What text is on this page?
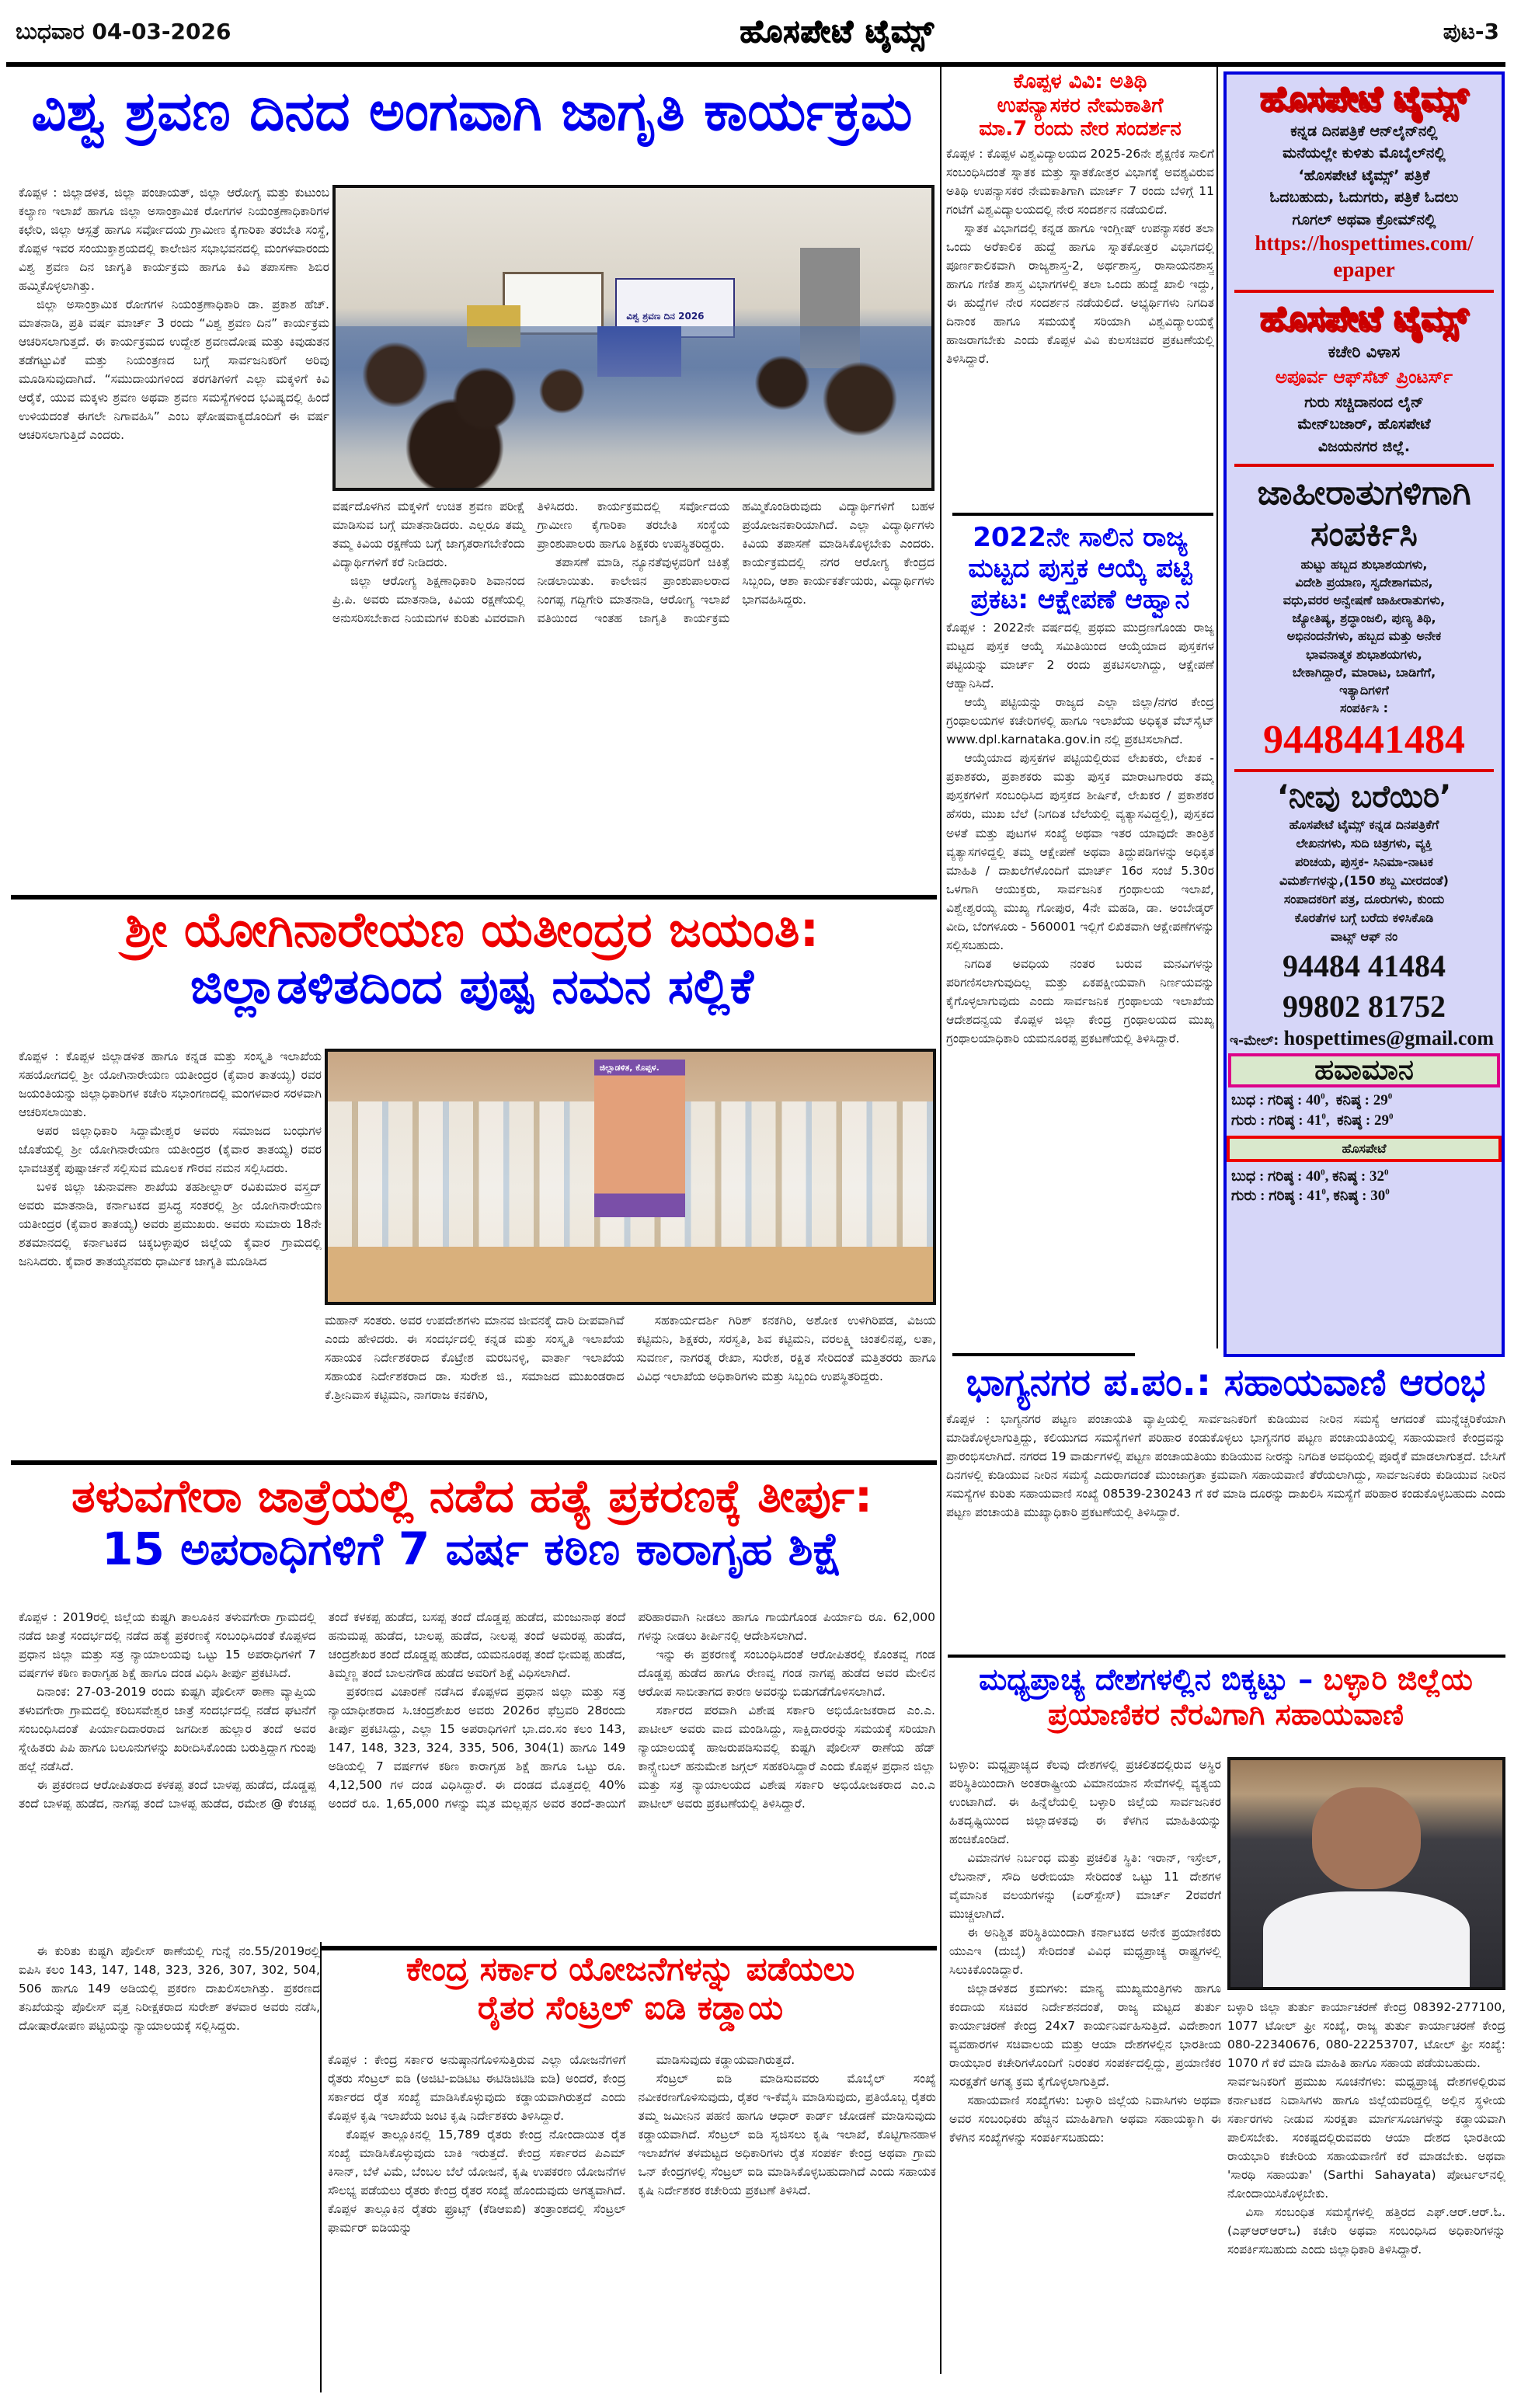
ಬುಧವಾರ 04-03-2026	ಹೊಸಪೇಟೆ ಟೈಮ್ಸ್	ಪುಟ-3
ವಿಶ್ವ ಶ್ರವಣ ದಿನದ ಅಂಗವಾಗಿ ಜಾಗೃತಿ ಕಾರ್ಯಕ್ರಮ

ಕೊಪ್ಪಳ : ಜಿಲ್ಲಾಡಳಿತ, ಜಿಲ್ಲಾ ಪಂಚಾಯತ್, ಜಿಲ್ಲಾ ಆರೋಗ್ಯ ಮತ್ತು ಕುಟುಂಬ ಕಲ್ಯಾಣ ಇಲಾಖೆ ಹಾಗೂ ಜಿಲ್ಲಾ ಅಸಾಂಕ್ರಾಮಿಕ ರೋಗಗಳ ನಿಯಂತ್ರಣಾಧಿಕಾರಿಗಳ ಕಛೇರಿ, ಜಿಲ್ಲಾ ಆಸ್ಪತ್ರೆ ಹಾಗೂ ಸರ್ವೋದಯ ಗ್ರಾಮೀಣ ಕೈಗಾರಿಕಾ ತರಬೇತಿ ಸಂಸ್ಥೆ, ಕೊಪ್ಪಳ ಇವರ ಸಂಯುಕ್ತಾಶ್ರಯದಲ್ಲಿ ಕಾಲೇಜಿನ ಸಭಾಭವನದಲ್ಲಿ ಮಂಗಳವಾರಂದು ವಿಶ್ವ ಶ್ರವಣ ದಿನ ಜಾಗೃತಿ ಕಾರ್ಯಕ್ರಮ ಹಾಗೂ ಕಿವಿ ತಪಾಸಣಾ ಶಿಬಿರ ಹಮ್ಮಿಕೊಳ್ಳಲಾಗಿತ್ತು.

ಜಿಲ್ಲಾ ಅಸಾಂಕ್ರಾಮಿಕ ರೋಗಗಳ ನಿಯಂತ್ರಣಾಧಿಕಾರಿ ಡಾ. ಪ್ರಕಾಶ ಹೆಚ್. ಮಾತನಾಡಿ, ಪ್ರತಿ ವರ್ಷ ಮಾರ್ಚ್ 3 ರಂದು “ವಿಶ್ವ ಶ್ರವಣ ದಿನ” ಕಾರ್ಯಕ್ರಮ ಆಚರಿಸಲಾಗುತ್ತದೆ. ಈ ಕಾರ್ಯಕ್ರಮದ ಉದ್ದೇಶ ಶ್ರವಣದೋಷ ಮತ್ತು ಕಿವುಡುತನ ತಡೆಗಟ್ಟುವಿಕೆ ಮತ್ತು ನಿಯಂತ್ರಣದ ಬಗ್ಗೆ ಸಾರ್ವಜನಿಕರಿಗೆ ಅರಿವು ಮೂಡಿಸುವುದಾಗಿದೆ. “ಸಮುದಾಯಗಳಿಂದ ತರಗತಿಗಳಿಗೆ ಎಲ್ಲಾ ಮಕ್ಕಳಿಗೆ ಕಿವಿ ಆರೈಕೆ, ಯುವ ಮಕ್ಕಳು ಶ್ರವಣ ಅಥವಾ ಶ್ರವಣ ಸಮಸ್ಯೆಗಳಿಂದ ಭವಿಷ್ಯದಲ್ಲಿ ಹಿಂದೆ ಉಳಿಯದಂತೆ ಈಗಲೇ ನಿಗಾವಹಿಸಿ” ಎಂಬ ಘೋಷವಾಕ್ಯದೊಂದಿಗೆ ಈ ವರ್ಷ ಆಚರಿಸಲಾಗುತ್ತಿದೆ ಎಂದರು.

ವಿಶ್ವ ಶ್ರವಣ ದಿನ 2026

ವರ್ಷದೊಳಗಿನ ಮಕ್ಕಳಿಗೆ ಉಚಿತ ಶ್ರವಣ ಪರೀಕ್ಷೆ ಮಾಡಿಸುವ ಬಗ್ಗೆ ಮಾತನಾಡಿದರು. ಎಲ್ಲರೂ ತಮ್ಮ ತಮ್ಮ ಕಿವಿಯ ರಕ್ಷಣೆಯ ಬಗ್ಗೆ ಜಾಗೃತರಾಗಬೇಕೆಂದು ವಿದ್ಯಾರ್ಥಿಗಳಿಗೆ ಕರೆ ನೀಡಿದರು.

ಜಿಲ್ಲಾ ಆರೋಗ್ಯ ಶಿಕ್ಷಣಾಧಿಕಾರಿ ಶಿವಾನಂದ ಪ್ರಿ.ಪಿ. ಅವರು ಮಾತನಾಡಿ, ಕಿವಿಯ ರಕ್ಷಣೆಯಲ್ಲಿ ಅನುಸರಿಸಬೇಕಾದ ನಿಯಮಗಳ ಕುರಿತು ವಿವರವಾಗಿ ತಿಳಿಸಿದರು. ಕಾರ್ಯಕ್ರಮದಲ್ಲಿ ಸರ್ವೋದಯ ಗ್ರಾಮೀಣ ಕೈಗಾರಿಕಾ ತರಬೇತಿ ಸಂಸ್ಥೆಯ ಪ್ರಾಂಶುಪಾಲರು ಹಾಗೂ ಶಿಕ್ಷಕರು ಉಪಸ್ಥಿತರಿದ್ದರು.

ತಪಾಸಣೆ ಮಾಡಿ, ನ್ಯೂನತೆವುಳ್ಳವರಿಗೆ ಚಿಕಿತ್ಸೆ ನೀಡಲಾಯಿತು. ಕಾಲೇಜಿನ ಪ್ರಾಂಶುಪಾಲರಾದ ನಿಂಗಪ್ಪ ಗದ್ದಿಗೇರಿ ಮಾತನಾಡಿ, ಆರೋಗ್ಯ ಇಲಾಖೆ ವತಿಯಿಂದ ಇಂತಹ ಜಾಗೃತಿ ಕಾರ್ಯಕ್ರಮ ಹಮ್ಮಿಕೊಂಡಿರುವುದು ವಿದ್ಯಾರ್ಥಿಗಳಿಗೆ ಬಹಳ ಪ್ರಯೋಜನಕಾರಿಯಾಗಿದೆ. ಎಲ್ಲಾ ವಿದ್ಯಾರ್ಥಿಗಳು ಕಿವಿಯ ತಪಾಸಣೆ ಮಾಡಿಸಿಕೊಳ್ಳಬೇಕು ಎಂದರು. ಕಾರ್ಯಕ್ರಮದಲ್ಲಿ ನಗರ ಆರೋಗ್ಯ ಕೇಂದ್ರದ ಸಿಬ್ಬಂದಿ, ಆಶಾ ಕಾರ್ಯಕರ್ತೆಯರು, ವಿದ್ಯಾರ್ಥಿಗಳು ಭಾಗವಹಿಸಿದ್ದರು.

ಶ್ರೀ ಯೋಗಿನಾರೇಯಣ ಯತೀಂದ್ರರ ಜಯಂತಿ:
ಜಿಲ್ಲಾಡಳಿತದಿಂದ ಪುಷ್ಪ ನಮನ ಸಲ್ಲಿಕೆ

ಕೊಪ್ಪಳ : ಕೊಪ್ಪಳ ಜಿಲ್ಲಾಡಳಿತ ಹಾಗೂ ಕನ್ನಡ ಮತ್ತು ಸಂಸ್ಕೃತಿ ಇಲಾಖೆಯ ಸಹಯೋಗದಲ್ಲಿ ಶ್ರೀ ಯೋಗಿನಾರೇಯಣ ಯತೀಂದ್ರರ (ಕೈವಾರ ತಾತಯ್ಯ) ರವರ ಜಯಂತಿಯನ್ನು ಜಿಲ್ಲಾಧಿಕಾರಿಗಳ ಕಚೇರಿ ಸಭಾಂಗಣದಲ್ಲಿ ಮಂಗಳವಾರ ಸರಳವಾಗಿ ಆಚರಿಸಲಾಯಿತು.

ಅಪರ ಜಿಲ್ಲಾಧಿಕಾರಿ ಸಿದ್ದಾಮೇಶ್ವರ ಅವರು ಸಮಾಜದ ಬಂಧುಗಳ ಜೊತೆಯಲ್ಲಿ ಶ್ರೀ ಯೋಗಿನಾರೇಯಣ ಯತೀಂದ್ರರ (ಕೈವಾರ ತಾತಯ್ಯ) ರವರ ಭಾವಚಿತ್ರಕ್ಕೆ ಪುಷ್ಪಾರ್ಚನೆ ಸಲ್ಲಿಸುವ ಮೂಲಕ ಗೌರವ ನಮನ ಸಲ್ಲಿಸಿದರು.

ಬಳಿಕ ಜಿಲ್ಲಾ ಚುನಾವಣಾ ಶಾಖೆಯ ತಹಶೀಲ್ದಾರ್ ರವಿಕುಮಾರ ವಸ್ತ್ರದ್ ಅವರು ಮಾತನಾಡಿ, ಕರ್ನಾಟಕದ ಪ್ರಸಿದ್ಧ ಸಂತರಲ್ಲಿ ಶ್ರೀ ಯೋಗಿನಾರೇಯಣ ಯತೀಂದ್ರರ (ಕೈವಾರ ತಾತಯ್ಯ) ಅವರು ಪ್ರಮುಖರು. ಅವರು ಸುಮಾರು 18ನೇ ಶತಮಾನದಲ್ಲಿ ಕರ್ನಾಟಕದ ಚಿಕ್ಕಬಳ್ಳಾಪುರ ಜಿಲ್ಲೆಯ ಕೈವಾರ ಗ್ರಾಮದಲ್ಲಿ ಜನಿಸಿದರು. ಕೈವಾರ ತಾತಯ್ಯನವರು ಧಾರ್ಮಿಕ ಜಾಗೃತಿ ಮೂಡಿಸಿದ

ಜಿಲ್ಲಾಡಳಿತ, ಕೊಪ್ಪಳ.

ಮಹಾನ್ ಸಂತರು. ಅವರ ಉಪದೇಶಗಳು ಮಾನವ ಜೀವನಕ್ಕೆ ದಾರಿ ದೀಪವಾಗಿವೆ ಎಂದು ಹೇಳಿದರು. ಈ ಸಂದರ್ಭದಲ್ಲಿ ಕನ್ನಡ ಮತ್ತು ಸಂಸ್ಕೃತಿ ಇಲಾಖೆಯ ಸಹಾಯಕ ನಿರ್ದೇಶಕರಾದ ಕೊಟ್ರೇಶ ಮರಬನಳ್ಳಿ, ವಾರ್ತಾ ಇಲಾಖೆಯ ಸಹಾಯಕ ನಿರ್ದೇಶಕರಾದ ಡಾ. ಸುರೇಶ ಜಿ., ಸಮಾಜದ ಮುಖಂಡರಾದ ಕೆ.ಶ್ರೀನಿವಾಸ ಕಟ್ಟಿಮನಿ, ನಾಗರಾಜ ಕನಕಗಿರಿ,

ಸಹಕಾರ್ಯದರ್ಶಿ ಗಿರಿಶ್ ಕನಕಗಿರಿ, ಅಶೋಕ ಉಳಿಗಿರಿಪಡ, ವಿಜಯ ಕಟ್ಟಿಮನಿ, ಶಿಕ್ಷಕರು, ಸರಸ್ವತಿ, ಶಿವ ಕಟ್ಟಿಮನಿ, ವರಲಕ್ಷ್ಮಿ ಚಿಂತಲಿನಪ್ಪ, ಲತಾ, ಸುವರ್ಣ, ನಾಗರತ್ನ ರೇಖಾ, ಸುರೇಶ, ರಕ್ಷಿತ ಸೇರಿದಂತೆ ಮತ್ತಿತರರು ಹಾಗೂ ವಿವಿಧ ಇಲಾಖೆಯ ಅಧಿಕಾರಿಗಳು ಮತ್ತು ಸಿಬ್ಬಂದಿ ಉಪಸ್ಥಿತರಿದ್ದರು.

ತಳುವಗೇರಾ ಜಾತ್ರೆಯಲ್ಲಿ ನಡೆದ ಹತ್ಯೆ ಪ್ರಕರಣಕ್ಕೆ ತೀರ್ಪು:
15 ಅಪರಾಧಿಗಳಿಗೆ 7 ವರ್ಷ ಕಠಿಣ ಕಾರಾಗೃಹ ಶಿಕ್ಷೆ

ಕೊಪ್ಪಳ : 2019ರಲ್ಲಿ ಜಿಲ್ಲೆಯ ಕುಷ್ಟಗಿ ತಾಲೂಕಿನ ತಳುವಗೇರಾ ಗ್ರಾಮದಲ್ಲಿ ನಡೆದ ಜಾತ್ರೆ ಸಂದರ್ಭದಲ್ಲಿ ನಡೆದ ಹತ್ಯೆ ಪ್ರಕರಣಕ್ಕೆ ಸಂಬಂಧಿಸಿದಂತೆ ಕೊಪ್ಪಳದ ಪ್ರಧಾನ ಜಿಲ್ಲಾ ಮತ್ತು ಸತ್ರ ನ್ಯಾಯಾಲಯವು ಒಟ್ಟು 15 ಅಪರಾಧಿಗಳಿಗೆ 7 ವರ್ಷಗಳ ಕಠಿಣ ಕಾರಾಗೃಹ ಶಿಕ್ಷೆ ಹಾಗೂ ದಂಡ ವಿಧಿಸಿ ತೀರ್ಪು ಪ್ರಕಟಿಸಿದೆ.

ದಿನಾಂಕ: 27-03-2019 ರಂದು ಕುಷ್ಟಗಿ ಪೊಲೀಸ್ ಠಾಣಾ ವ್ಯಾಪ್ತಿಯ ತಳುವಗೇರಾ ಗ್ರಾಮದಲ್ಲಿ ಕರಿಬಸವೇಶ್ವರ ಜಾತ್ರೆ ಸಂದರ್ಭದಲ್ಲಿ ನಡೆದ ಘಟನೆಗೆ ಸಂಬಂಧಿಸಿದಂತೆ ಪಿರ್ಯಾದಿದಾರರಾದ ಜಗದೀಶ ಹುಲ್ಲಾರ ತಂದೆ ಅವರ ಸ್ನೇಹಿತರು ಪಿಪಿ ಹಾಗೂ ಬಲೂನುಗಳನ್ನು ಖರೀದಿಸಿಕೊಂಡು ಬರುತ್ತಿದ್ದಾಗ ಗುಂಪು ಹಲ್ಲೆ ನಡೆಸಿದೆ.

ಈ ಪ್ರಕರಣದ ಆರೋಪಿತರಾದ ಕಳಕಪ್ಪ ತಂದೆ ಬಾಳಪ್ಪ ಹುಡೆದ, ದೊಡ್ಡಪ್ಪ ತಂದೆ ಬಾಳಪ್ಪ ಹುಡೆದ, ನಾಗಪ್ಪ ತಂದೆ ಬಾಳಪ್ಪ ಹುಡೆದ, ರಮೇಶ @ ಕೆಂಚಪ್ಪ ತಂದೆ ಕಳಕಪ್ಪ ಹುಡೆದ, ಬಸಪ್ಪ ತಂದೆ ದೊಡ್ಡಪ್ಪ ಹುಡೆದ, ಮಂಜುನಾಥ ತಂದೆ ಹನುಮಪ್ಪ ಹುಡೆದ, ಬಾಲಪ್ಪ ಹುಡೆದ, ನೀಲಪ್ಪ ತಂದೆ ಅಮರಪ್ಪ ಹುಡೆದ, ಚಂದ್ರಶೇಖರ ತಂದೆ ದೊಡ್ಡಪ್ಪ ಹುಡೆದ, ಯಮನೂರಪ್ಪ ತಂದೆ ಭೀಮಪ್ಪ ಹುಡೆದ, ತಿಮ್ಮಣ್ಣ ತಂದೆ ಬಾಲನಗೌಡ ಹುಡೆದ ಅವರಿಗೆ ಶಿಕ್ಷೆ ವಿಧಿಸಲಾಗಿದೆ.

ಪ್ರಕರಣದ ವಿಚಾರಣೆ ನಡೆಸಿದ ಕೊಪ್ಪಳದ ಪ್ರಧಾನ ಜಿಲ್ಲಾ ಮತ್ತು ಸತ್ರ ನ್ಯಾಯಾಧೀಶರಾದ ಸಿ.ಚಂದ್ರಶೇಖರ ಅವರು 2026ರ ಫೆಬ್ರವರಿ 28ರಂದು ತೀರ್ಪು ಪ್ರಕಟಿಸಿದ್ದು, ಎಲ್ಲಾ 15 ಅಪರಾಧಿಗಳಿಗೆ ಭಾ.ದಂ.ಸಂ ಕಲಂ 143, 147, 148, 323, 324, 335, 506, 304(1) ಹಾಗೂ 149 ಅಡಿಯಲ್ಲಿ 7 ವರ್ಷಗಳ ಕಠಿಣ ಕಾರಾಗೃಹ ಶಿಕ್ಷೆ ಹಾಗೂ ಒಟ್ಟು ರೂ. 4,12,500 ಗಳ ದಂಡ ವಿಧಿಸಿದ್ದಾರೆ. ಈ ದಂಡದ ಮೊತ್ತದಲ್ಲಿ 40% ಅಂದರೆ ರೂ. 1,65,000 ಗಳನ್ನು ಮೃತ ಮಲ್ಲಪ್ಪನ ಅವರ ತಂದೆ-ತಾಯಿಗೆ ಪರಿಹಾರವಾಗಿ ನೀಡಲು ಹಾಗೂ ಗಾಯಗೊಂಡ ಪಿರ್ಯಾದಿ ರೂ. 62,000 ಗಳನ್ನು ನೀಡಲು ತೀರ್ಪಿನಲ್ಲಿ ಆದೇಶಿಸಲಾಗಿದೆ.

ಇನ್ನು ಈ ಪ್ರಕರಣಕ್ಕೆ ಸಂಬಂಧಿಸಿದಂತೆ ಆರೋಪಿತರಲ್ಲಿ ಕೊಂತವ್ವ ಗಂಡ ದೊಡ್ಡಪ್ಪ ಹುಡೆದ ಹಾಗೂ ರೇಣವ್ವ ಗಂಡ ನಾಗಪ್ಪ ಹುಡೆದ ಅವರ ಮೇಲಿನ ಆರೋಪ ಸಾಬೀತಾಗದ ಕಾರಣ ಅವರನ್ನು ಬಿಡುಗಡೆಗೊಳಿಸಲಾಗಿದೆ.

ಸರ್ಕಾರದ ಪರವಾಗಿ ವಿಶೇಷ ಸರ್ಕಾರಿ ಅಭಿಯೋಜಕರಾದ ಎಂ.ಎ. ಪಾಟೀಲ್ ಅವರು ವಾದ ಮಂಡಿಸಿದ್ದು, ಸಾಕ್ಷಿದಾರರನ್ನು ಸಮಯಕ್ಕೆ ಸರಿಯಾಗಿ ನ್ಯಾಯಾಲಯಕ್ಕೆ ಹಾಜರುಪಡಿಸುವಲ್ಲಿ ಕುಷ್ಟಗಿ ಪೊಲೀಸ್ ಠಾಣೆಯ ಹೆಡ್ ಕಾನ್ಸ್ಟೇಬಲ್ ಹನುಮೇಶ ಜಗ್ಗಲ್ ಸಹಕರಿಸಿದ್ದಾರೆ ಎಂದು ಕೊಪ್ಪಳ ಪ್ರಧಾನ ಜಿಲ್ಲಾ ಮತ್ತು ಸತ್ರ ನ್ಯಾಯಾಲಯದ ವಿಶೇಷ ಸರ್ಕಾರಿ ಅಭಿಯೋಜಕರಾದ ಎಂ.ಎ ಪಾಟೀಲ್ ಅವರು ಪ್ರಕಟಣೆಯಲ್ಲಿ ತಿಳಿಸಿದ್ದಾರೆ.

ಈ ಕುರಿತು ಕುಷ್ಟಗಿ ಪೊಲೀಸ್ ಠಾಣೆಯಲ್ಲಿ ಗುನ್ನೆ ನಂ.55/2019ರಲ್ಲಿ ಐಪಿಸಿ ಕಲಂ 143, 147, 148, 323, 326, 307, 302, 504, 506 ಹಾಗೂ 149 ಅಡಿಯಲ್ಲಿ ಪ್ರಕರಣ ದಾಖಲಿಸಲಾಗಿತ್ತು. ಪ್ರಕರಣದ ತನಿಖೆಯನ್ನು ಪೊಲೀಸ್ ವೃತ್ತ ನಿರೀಕ್ಷಕರಾದ ಸುರೇಶ್ ತಳವಾರ ಅವರು ನಡೆಸಿ, ದೋಷಾರೋಪಣ ಪಟ್ಟಿಯನ್ನು ನ್ಯಾಯಾಲಯಕ್ಕೆ ಸಲ್ಲಿಸಿದ್ದರು.

ಕೇಂದ್ರ ಸರ್ಕಾರ ಯೋಜನೆಗಳನ್ನು ಪಡೆಯಲು
ರೈತರ ಸೆಂಟ್ರಲ್ ಐಡಿ ಕಡ್ಡಾಯ

ಕೊಪ್ಪಳ : ಕೇಂದ್ರ ಸರ್ಕಾರ ಅನುಷ್ಠಾನಗೊಳಿಸುತ್ತಿರುವ ಎಲ್ಲಾ ಯೋಜನೆಗಳಿಗೆ ರೈತರು ಸೆಂಟ್ರಲ್ ಐಡಿ (ಅಜಿಟಿ-ಐಡಿಟಿಟ ಈಟಿಡಿಜಿಟಿಡಿ ಐಡಿ) ಅಂದರೆ, ಕೇಂದ್ರ ಸರ್ಕಾರದ ರೈತ ಸಂಖ್ಯೆ ಮಾಡಿಸಿಕೊಳ್ಳುವುದು ಕಡ್ಡಾಯವಾಗಿರುತ್ತದೆ ಎಂದು ಕೊಪ್ಪಳ ಕೃಷಿ ಇಲಾಖೆಯ ಜಂಟಿ ಕೃಷಿ ನಿರ್ದೇಶಕರು ತಿಳಿಸಿದ್ದಾರೆ.

ಕೊಪ್ಪಳ ತಾಲ್ಲೂಕಿನಲ್ಲಿ 15,789 ರೈತರು ಕೇಂದ್ರ ನೋಂದಾಯಿತ ರೈತ ಸಂಖ್ಯೆ ಮಾಡಿಸಿಕೊಳ್ಳುವುದು ಬಾಕಿ ಇರುತ್ತದೆ. ಕೇಂದ್ರ ಸರ್ಕಾರದ ಪಿಎಮ್ ಕಿಸಾನ್, ಬೆಳೆ ವಿಮೆ, ಬೆಂಬಲ ಬೆಲೆ ಯೋಜನೆ, ಕೃಷಿ ಉಪಕರಣ ಯೋಜನೆಗಳ ಸೌಲಭ್ಯ ಪಡೆಯಲು ರೈತರು ಕೇಂದ್ರ ರೈತರ ಸಂಖ್ಯೆ ಹೊಂದುವುದು ಅಗತ್ಯವಾಗಿದೆ. ಕೊಪ್ಪಳ ತಾಲ್ಲೂಕಿನ ರೈತರು ಫ್ರೂಟ್ಸ್ (ಕೆಡಿಆಐಖಿ) ತಂತ್ರಾಂಶದಲ್ಲಿ ಸೆಂಟ್ರಲ್ ಫಾರ್ಮರ್ ಐಡಿಯನ್ನು

ಮಾಡಿಸುವುದು ಕಡ್ಡಾಯವಾಗಿರುತ್ತದೆ.

ಸೆಂಟ್ರಲ್ ಐಡಿ ಮಾಡಿಸುವವರು ಮೊಬೈಲ್ ಸಂಖ್ಯೆ ನವೀಕರಣಗೊಳಿಸುವುದು, ರೈತರ ಇ-ಕೆವೈಸಿ ಮಾಡಿಸುವುದು, ಪ್ರತಿಯೊಬ್ಬ ರೈತರು ತಮ್ಮ ಜಮೀನಿನ ಪಹಣಿ ಹಾಗೂ ಆಧಾರ್ ಕಾರ್ಡ್ ಜೋಡಣೆ ಮಾಡಿಸುವುದು ಕಡ್ಡಾಯವಾಗಿದೆ. ಸೆಂಟ್ರಲ್ ಐಡಿ ಸೃಜಿಸಲು ಕೃಷಿ ಇಲಾಖೆ, ಕೊಟ್ಟಿಗಾನಹಾಳ ಇಲಾಖೆಗಳ ತಳಮಟ್ಟದ ಅಧಿಕಾರಿಗಳು ರೈತ ಸಂಪರ್ಕ ಕೇಂದ್ರ ಅಥವಾ ಗ್ರಾಮ ಒನ್ ಕೇಂದ್ರಗಳಲ್ಲಿ ಸೆಂಟ್ರಲ್ ಐಡಿ ಮಾಡಿಸಿಕೊಳ್ಳಬಹುದಾಗಿದೆ ಎಂದು ಸಹಾಯಕ ಕೃಷಿ ನಿರ್ದೇಶಕರ ಕಚೇರಿಯ ಪ್ರಕಟಣೆ ತಿಳಿಸಿದೆ.

ಕೊಪ್ಪಳ ವಿವಿ: ಅತಿಥಿ
ಉಪನ್ಯಾಸಕರ ನೇಮಕಾತಿಗೆ
ಮಾ.7 ರಂದು ನೇರ ಸಂದರ್ಶನ

ಕೊಪ್ಪಳ : ಕೊಪ್ಪಳ ವಿಶ್ವವಿದ್ಯಾಲಯದ 2025-26ನೇ ಶೈಕ್ಷಣಿಕ ಸಾಲಿಗೆ ಸಂಬಂಧಿಸಿದಂತೆ ಸ್ನಾತಕ ಮತ್ತು ಸ್ನಾತಕೋತ್ತರ ವಿಭಾಗಕ್ಕೆ ಅವಶ್ಯವಿರುವ ಅತಿಥಿ ಉಪನ್ಯಾಸಕರ ನೇಮಕಾತಿಗಾಗಿ ಮಾರ್ಚ್ 7 ರಂದು ಬೆಳಿಗ್ಗೆ 11 ಗಂಟೆಗೆ ವಿಶ್ವವಿದ್ಯಾಲಯದಲ್ಲಿ ನೇರ ಸಂದರ್ಶನ ನಡೆಯಲಿದೆ.

ಸ್ನಾತಕ ವಿಭಾಗದಲ್ಲಿ ಕನ್ನಡ ಹಾಗೂ ಇಂಗ್ಲೀಷ್ ಉಪನ್ಯಾಸಕರ ತಲಾ ಒಂದು ಅರೆಕಾಲಿಕ ಹುದ್ದೆ ಹಾಗೂ ಸ್ನಾತಕೋತ್ತರ ವಿಭಾಗದಲ್ಲಿ ಪೂರ್ಣಕಾಲಿಕವಾಗಿ ರಾಜ್ಯಶಾಸ್ತ್ರ-2, ಅರ್ಥಶಾಸ್ತ್ರ, ರಾಸಾಯನಶಾಸ್ತ್ರ ಹಾಗೂ ಗಣಿತ ಶಾಸ್ತ್ರ ವಿಭಾಗಗಳಲ್ಲಿ ತಲಾ ಒಂದು ಹುದ್ದೆ ಖಾಲಿ ಇದ್ದು, ಈ ಹುದ್ದೆಗಳ ನೇರ ಸಂದರ್ಶನ ನಡೆಯಲಿದೆ. ಅಭ್ಯರ್ಥಿಗಳು ನಿಗದಿತ ದಿನಾಂಕ ಹಾಗೂ ಸಮಯಕ್ಕೆ ಸರಿಯಾಗಿ ವಿಶ್ವವಿದ್ಯಾಲಯಕ್ಕೆ ಹಾಜರಾಗಬೇಕು ಎಂದು ಕೊಪ್ಪಳ ವಿವಿ ಕುಲಸಚಿವರ ಪ್ರಕಟಣೆಯಲ್ಲಿ ತಿಳಿಸಿದ್ದಾರೆ.

2022ನೇ ಸಾಲಿನ ರಾಜ್ಯ
ಮಟ್ಟದ ಪುಸ್ತಕ ಆಯ್ಕೆ ಪಟ್ಟಿ
ಪ್ರಕಟ: ಆಕ್ಷೇಪಣೆ ಆಹ್ವಾನ

ಕೊಪ್ಪಳ : 2022ನೇ ವರ್ಷದಲ್ಲಿ ಪ್ರಥಮ ಮುದ್ರಣಗೊಂಡು ರಾಜ್ಯ ಮಟ್ಟದ ಪುಸ್ತಕ ಆಯ್ಕೆ ಸಮಿತಿಯಿಂದ ಆಯ್ಕೆಯಾದ ಪುಸ್ತಕಗಳ ಪಟ್ಟಿಯನ್ನು ಮಾರ್ಚ್ 2 ರಂದು ಪ್ರಕಟಿಸಲಾಗಿದ್ದು, ಆಕ್ಷೇಪಣೆ ಆಹ್ವಾನಿಸಿದೆ.

ಆಯ್ಕೆ ಪಟ್ಟಿಯನ್ನು ರಾಜ್ಯದ ಎಲ್ಲಾ ಜಿಲ್ಲಾ/ನಗರ ಕೇಂದ್ರ ಗ್ರಂಥಾಲಯಗಳ ಕಚೇರಿಗಳಲ್ಲಿ ಹಾಗೂ ಇಲಾಖೆಯ ಅಧಿಕೃತ ವೆಬ್‌ಸೈಟ್ www.dpl.karnataka.gov.in ನಲ್ಲಿ ಪ್ರಕಟಿಸಲಾಗಿದೆ.

ಆಯ್ಕೆಯಾದ ಪುಸ್ತಕಗಳ ಪಟ್ಟಿಯಲ್ಲಿರುವ ಲೇಖಕರು, ಲೇಖಕ - ಪ್ರಕಾಶಕರು, ಪ್ರಕಾಶಕರು ಮತ್ತು ಪುಸ್ತಕ ಮಾರಾಟಗಾರರು ತಮ್ಮ ಪುಸ್ತಕಗಳಿಗೆ ಸಂಬಂಧಿಸಿದ ಪುಸ್ತಕದ ಶೀರ್ಷಿಕೆ, ಲೇಖಕರ / ಪ್ರಕಾಶಕರ ಹೆಸರು, ಮುಖ ಬೆಲೆ (ನಿಗದಿತ ಬೆಲೆಯಲ್ಲಿ ವ್ಯತ್ಯಾಸವಿದ್ದಲ್ಲಿ), ಪುಸ್ತಕದ ಅಳತೆ ಮತ್ತು ಪುಟಗಳ ಸಂಖ್ಯೆ ಅಥವಾ ಇತರ ಯಾವುದೇ ತಾಂತ್ರಿಕ ವ್ಯತ್ಯಾಸಗಳಿದ್ದಲ್ಲಿ ತಮ್ಮ ಆಕ್ಷೇಪಣೆ ಅಥವಾ ತಿದ್ದುಪಡಿಗಳನ್ನು ಅಧಿಕೃತ ಮಾಹಿತಿ / ದಾಖಲೆಗಳೊಂದಿಗೆ ಮಾರ್ಚ್ 16ರ ಸಂಜೆ 5.30ರ ಒಳಗಾಗಿ ಆಯುಕ್ತರು, ಸಾರ್ವಜನಿಕ ಗ್ರಂಥಾಲಯ ಇಲಾಖೆ, ವಿಶ್ವೇಶ್ವರಯ್ಯ ಮುಖ್ಯ ಗೋಪುರ, 4ನೇ ಮಹಡಿ, ಡಾ. ಅಂಬೇಡ್ಕರ್ ವೀದಿ, ಬೆಂಗಳೂರು - 560001 ಇಲ್ಲಿಗೆ ಲಿಖಿತವಾಗಿ ಆಕ್ಷೇಪಣೆಗಳನ್ನು ಸಲ್ಲಿಸಬಹುದು.

ನಿಗದಿತ ಅವಧಿಯ ನಂತರ ಬರುವ ಮನವಿಗಳನ್ನು ಪರಿಗಣಿಸಲಾಗುವುದಿಲ್ಲ ಮತ್ತು ಏಕಪಕ್ಷೀಯವಾಗಿ ನಿರ್ಣಯವನ್ನು ಕೈಗೊಳ್ಳಲಾಗುವುದು ಎಂದು ಸಾರ್ವಜನಿಕ ಗ್ರಂಥಾಲಯ ಇಲಾಖೆಯ ಆದೇಶದನ್ವಯ ಕೊಪ್ಪಳ ಜಿಲ್ಲಾ ಕೇಂದ್ರ ಗ್ರಂಥಾಲಯದ ಮುಖ್ಯ ಗ್ರಂಥಾಲಯಾಧಿಕಾರಿ ಯಮನೂರಪ್ಪ ಪ್ರಕಟಣೆಯಲ್ಲಿ ತಿಳಿಸಿದ್ದಾರೆ.

ಹೊಸಪೇಟೆ ಟೈಮ್ಸ್
ಕನ್ನಡ ದಿನಪತ್ರಿಕೆ ಆನ್‌ಲೈನ್‌ನಲ್ಲಿ
ಮನೆಯಲ್ಲೇ ಕುಳಿತು ಮೊಬೈಲ್‌ನಲ್ಲಿ
‘ಹೊಸಪೇಟೆ ಟೈಮ್ಸ್’ ಪತ್ರಿಕೆ
ಓದಬಹುದು, ಓದುಗರು, ಪತ್ರಿಕೆ ಓದಲು
ಗೂಗಲ್ ಅಥವಾ ಕ್ರೋಮ್‌ನಲ್ಲಿ
https://hospettimes.com/
epaper
ಹೊಸಪೇಟೆ ಟೈಮ್ಸ್
ಕಚೇರಿ ವಿಳಾಸ
ಅಪೂರ್ವ ಆಫ್‌ಸೆಟ್ ಪ್ರಿಂಟರ್ಸ್
ಗುರು ಸಚ್ಚಿದಾನಂದ ಲೈನ್
ಮೇನ್‌ಬಜಾರ್, ಹೊಸಪೇಟೆ
ವಿಜಯನಗರ ಜಿಲ್ಲೆ.
ಜಾಹೀರಾತುಗಳಿಗಾಗಿ
ಸಂಪರ್ಕಿಸಿ
ಹುಟ್ಟು ಹಬ್ಬದ ಶುಭಾಶಯಗಳು,
ವಿದೇಶಿ ಪ್ರಯಾಣ, ಸ್ವದೇಶಾಗಮನ,
ವಧು,ವರರ ಅನ್ವೇಷಣೆ ಜಾಹೀರಾತುಗಳು,
ಜ್ಯೋತಿಷ್ಯ, ಶ್ರದ್ಧಾಂಜಲಿ, ಪುಣ್ಯ ತಿಥಿ,
ಅಭಿನಂದನೆಗಳು, ಹಬ್ಬದ ಮತ್ತು ಅನೇಕ
ಭಾವನಾತ್ಮಕ ಶುಭಾಶಯಗಳು,
ಬೇಕಾಗಿದ್ದಾರೆ, ಮಾರಾಟ, ಬಾಡಿಗೆಗೆ,
ಇತ್ಯಾದಿಗಳಿಗೆ
ಸಂಪರ್ಕಿಸಿ :
9448441484
‘ನೀವು ಬರೆಯಿರಿ’
ಹೊಸಪೇಟೆ ಟೈಮ್ಸ್ ಕನ್ನಡ ದಿನಪತ್ರಿಕೆಗೆ
ಲೇಖನಗಳು, ಸುದಿ ಚಿತ್ರಗಳು, ವ್ಯಕ್ತಿ
ಪರಿಚಯ, ಪುಸ್ತಕ- ಸಿನಿಮಾ-ನಾಟಕ
ವಿಮರ್ಶೆಗಳನ್ನು,(150 ಶಬ್ದ ಮೀರದಂತೆ)
ಸಂಪಾದಕರಿಗೆ ಪತ್ರ, ದೂರುಗಳು, ಕುಂದು
ಕೊರತೆಗಳ ಬಗ್ಗೆ ಬರೆದು ಕಳಿಸಿಕೊಡಿ
ವಾಟ್ಸ್ ಆಫ್ ನಂ
94484 41484
99802 81752
ಇ-ಮೇಲ್: hospettimes@gmail.com
ಹವಾಮಾನ
ಬುಧ : ಗರಿಷ್ಠ : $40^0$,  ಕನಿಷ್ಠ : $29^0$
ಗುರು : ಗರಿಷ್ಠ : $41^0$,  ಕನಿಷ್ಠ : $29^0$
ಹೊಸಪೇಟೆ
ಬುಧ : ಗರಿಷ್ಠ : $40^0$, ಕನಿಷ್ಠ : $32^0$
ಗುರು : ಗರಿಷ್ಠ : $41^0$, ಕನಿಷ್ಠ : $30^0$
ಭಾಗ್ಯನಗರ ಪ.ಪಂ.: ಸಹಾಯವಾಣಿ ಆರಂಭ

ಕೊಪ್ಪಳ : ಭಾಗ್ಯನಗರ ಪಟ್ಟಣ ಪಂಚಾಯತಿ ವ್ಯಾಪ್ತಿಯಲ್ಲಿ ಸಾರ್ವಜನಿಕರಿಗೆ ಕುಡಿಯುವ ನೀರಿನ ಸಮಸ್ಯೆ ಆಗದಂತೆ ಮುನ್ನೆಚ್ಚರಿಕೆಯಾಗಿ ಮಾಡಿಕೊಳ್ಳಲಾಗುತ್ತಿದ್ದು, ಕಲಿಯುಗದ ಸಮಸ್ಯೆಗಳಿಗೆ ಪರಿಹಾರ ಕಂಡುಕೊಳ್ಳಲು ಭಾಗ್ಯನಗರ ಪಟ್ಟಣ ಪಂಚಾಯತಿಯಲ್ಲಿ ಸಹಾಯವಾಣಿ ಕೇಂದ್ರವನ್ನು ಪ್ರಾರಂಭಿಸಲಾಗಿದೆ. ನಗರದ 19 ವಾರ್ಡುಗಳಲ್ಲಿ ಪಟ್ಟಣ ಪಂಚಾಯತಿಯು ಕುಡಿಯುವ ನೀರನ್ನು ನಿಗದಿತ ಅವಧಿಯಲ್ಲಿ ಪೂರೈಕೆ ಮಾಡಲಾಗುತ್ತದೆ. ಬೇಸಿಗೆ ದಿನಗಳಲ್ಲಿ ಕುಡಿಯುವ ನೀರಿನ ಸಮಸ್ಯೆ ಎದುರಾಗದಂತೆ ಮುಂಜಾಗ್ರತಾ ಕ್ರಮವಾಗಿ ಸಹಾಯವಾಣಿ ತೆರೆಯಲಾಗಿದ್ದು, ಸಾರ್ವಜನಿಕರು ಕುಡಿಯುವ ನೀರಿನ ಸಮಸ್ಯೆಗಳ ಕುರಿತು ಸಹಾಯವಾಣಿ ಸಂಖ್ಯೆ 08539-230243 ಗೆ ಕರೆ ಮಾಡಿ ದೂರನ್ನು ದಾಖಲಿಸಿ ಸಮಸ್ಯೆಗೆ ಪರಿಹಾರ ಕಂಡುಕೊಳ್ಳಬಹುದು ಎಂದು ಪಟ್ಟಣ ಪಂಚಾಯತಿ ಮುಖ್ಯಾಧಿಕಾರಿ ಪ್ರಕಟಣೆಯಲ್ಲಿ ತಿಳಿಸಿದ್ದಾರೆ.

ಮಧ್ಯಪ್ರಾಚ್ಯ ದೇಶಗಳಲ್ಲಿನ ಬಿಕ್ಕಟ್ಟು – ಬಳ್ಳಾರಿ ಜಿಲ್ಲೆಯ
ಪ್ರಯಾಣಿಕರ ನೆರವಿಗಾಗಿ ಸಹಾಯವಾಣಿ

ಬಳ್ಳಾರಿ: ಮಧ್ಯಪ್ರಾಚ್ಯದ ಕೆಲವು ದೇಶಗಳಲ್ಲಿ ಪ್ರಚಲಿತದಲ್ಲಿರುವ ಅಸ್ಥಿರ ಪರಿಸ್ಥಿತಿಯಿಂದಾಗಿ ಅಂತರಾಷ್ಟ್ರೀಯ ವಿಮಾನಯಾನ ಸೇವೆಗಳಲ್ಲಿ ವ್ಯತ್ಯಯ ಉಂಟಾಗಿದೆ. ಈ ಹಿನ್ನೆಲೆಯಲ್ಲಿ ಬಳ್ಳಾರಿ ಜಿಲ್ಲೆಯ ಸಾರ್ವಜನಿಕರ ಹಿತದೃಷ್ಟಿಯಿಂದ ಜಿಲ್ಲಾಡಳಿತವು ಈ ಕೆಳಗಿನ ಮಾಹಿತಿಯನ್ನು ಹಂಚಿಕೊಂಡಿದೆ.

ವಿಮಾನಗಳ ನಿರ್ಬಂಧ ಮತ್ತು ಪ್ರಚಲಿತ ಸ್ಥಿತಿ: ಇರಾನ್, ಇಸ್ರೇಲ್, ಲೆಬನಾನ್, ಸೌದಿ ಅರೇಬಿಯಾ ಸೇರಿದಂತೆ ಒಟ್ಟು 11 ದೇಶಗಳ ವೈಮಾನಿಕ ವಲಯಗಳನ್ನು (ಏರ್‌ಸ್ಪೇಸ್) ಮಾರ್ಚ್ 2ರವರೆಗೆ ಮುಚ್ಚಲಾಗಿದೆ.

ಈ ಅನಿಶ್ಚಿತ ಪರಿಸ್ಥಿತಿಯಿಂದಾಗಿ ಕರ್ನಾಟಕದ ಅನೇಕ ಪ್ರಯಾಣಿಕರು ಯುಎಇ (ದುಬೈ) ಸೇರಿದಂತೆ ವಿವಿಧ ಮಧ್ಯಪ್ರಾಚ್ಯ ರಾಷ್ಟ್ರಗಳಲ್ಲಿ ಸಿಲುಕಿಕೊಂಡಿದ್ದಾರೆ.

ಜಿಲ್ಲಾಡಳಿತದ ಕ್ರಮಗಳು: ಮಾನ್ಯ ಮುಖ್ಯಮಂತ್ರಿಗಳು ಹಾಗೂ ಕಂದಾಯ ಸಚಿವರ ನಿರ್ದೇಶನದಂತೆ, ರಾಜ್ಯ ಮಟ್ಟದ ತುರ್ತು ಕಾರ್ಯಾಚರಣೆ ಕೇಂದ್ರ 24x7 ಕಾರ್ಯನಿರ್ವಹಿಸುತ್ತಿದೆ. ವಿದೇಶಾಂಗ ವ್ಯವಹಾರಗಳ ಸಚಿವಾಲಯ ಮತ್ತು ಆಯಾ ದೇಶಗಳಲ್ಲಿನ ಭಾರತೀಯ ರಾಯಭಾರ ಕಚೇರಿಗಳೊಂದಿಗೆ ನಿರಂತರ ಸಂಪರ್ಕದಲ್ಲಿದ್ದು, ಪ್ರಯಾಣಿಕರ ಸುರಕ್ಷತೆಗೆ ಅಗತ್ಯ ಕ್ರಮ ಕೈಗೊಳ್ಳಲಾಗುತ್ತಿದೆ.

ಸಹಾಯವಾಣಿ ಸಂಖ್ಯೆಗಳು: ಬಳ್ಳಾರಿ ಜಿಲ್ಲೆಯ ನಿವಾಸಿಗಳು ಅಥವಾ ಅವರ ಸಂಬಂಧಿಕರು ಹೆಚ್ಚಿನ ಮಾಹಿತಿಗಾಗಿ ಅಥವಾ ಸಹಾಯಕ್ಕಾಗಿ ಈ ಕೆಳಗಿನ ಸಂಖ್ಯೆಗಳನ್ನು ಸಂಪರ್ಕಿಸಬಹುದು:

ಬಳ್ಳಾರಿ ಜಿಲ್ಲಾ ತುರ್ತು ಕಾರ್ಯಾಚರಣೆ ಕೇಂದ್ರ 08392-277100, 1077 ಟೋಲ್ ಫ್ರೀ ಸಂಖ್ಯೆ, ರಾಜ್ಯ ತುರ್ತು ಕಾರ್ಯಾಚರಣೆ ಕೇಂದ್ರ 080-22340676, 080-22253707, ಟೋಲ್ ಫ್ರೀ ಸಂಖ್ಯೆ: 1070 ಗೆ ಕರೆ ಮಾಡಿ ಮಾಹಿತಿ ಹಾಗೂ ಸಹಾಯ ಪಡೆಯಬಹುದು.

ಸಾರ್ವಜನಿಕರಿಗೆ ಪ್ರಮುಖ ಸೂಚನೆಗಳು: ಮಧ್ಯಪ್ರಾಚ್ಯ ದೇಶಗಳಲ್ಲಿರುವ ಕರ್ನಾಟಕದ ನಿವಾಸಿಗಳು ಹಾಗೂ ಜಿಲ್ಲೆಯವರಿದ್ದಲ್ಲಿ ಅಲ್ಲಿನ ಸ್ಥಳೀಯ ಸರ್ಕಾರಗಳು ನೀಡುವ ಸುರಕ್ಷತಾ ಮಾರ್ಗಸೂಚಿಗಳನ್ನು ಕಡ್ಡಾಯವಾಗಿ ಪಾಲಿಸಬೇಕು. ಸಂಕಷ್ಟದಲ್ಲಿರುವವರು ಆಯಾ ದೇಶದ ಭಾರತೀಯ ರಾಯಭಾರಿ ಕಚೇರಿಯ ಸಹಾಯವಾಣಿಗೆ ಕರೆ ಮಾಡಬೇಕು. ಅಥವಾ 'ಸಾರಥಿ ಸಹಾಯತಾ' (Sarthi Sahayata) ಪೋರ್ಟಲ್‌ನಲ್ಲಿ ನೋಂದಾಯಿಸಿಕೊಳ್ಳಬೇಕು.

ವಿಸಾ ಸಂಬಂಧಿತ ಸಮಸ್ಯೆಗಳಲ್ಲಿ ಹತ್ತಿರದ ಎಫ್.ಆರ್.ಆರ್.ಓ. (ಎಫ್‌ಆರ್‌ಆರ್‌ಒ) ಕಚೇರಿ ಅಥವಾ ಸಂಬಂಧಿಸಿದ ಅಧಿಕಾರಿಗಳನ್ನು ಸಂಪರ್ಕಿಸಬಹುದು ಎಂದು ಜಿಲ್ಲಾಧಿಕಾರಿ ತಿಳಿಸಿದ್ದಾರೆ.
